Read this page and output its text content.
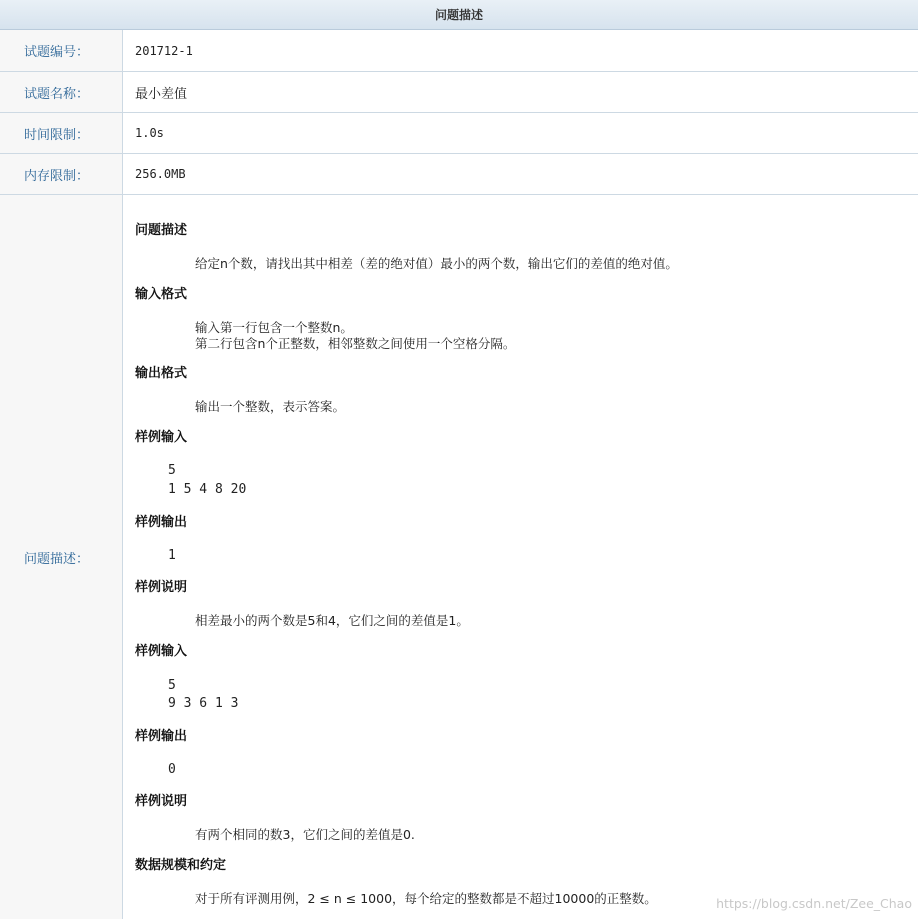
问题描述
试题编号：	201712-1
试题名称：	最小差值
时间限制：	1.0s
内存限制：	256.0MB
问题描述：
问题描述
给定n个数，请找出其中相差（差的绝对值）最小的两个数，输出它们的差值的绝对值。
输入格式
输入第一行包含一个整数n。
第二行包含n个正整数，相邻整数之间使用一个空格分隔。
输出格式
输出一个整数，表示答案。
样例输入
5
1 5 4 8 20
样例输出
1
样例说明
相差最小的两个数是5和4，它们之间的差值是1。
样例输入
5
9 3 6 1 3
样例输出
0
样例说明
有两个相同的数3，它们之间的差值是0.
数据规模和约定
对于所有评测用例，2 ≤ n ≤ 1000，每个给定的整数都是不超过10000的正整数。	https://blog.csdn.net/Zee_Chao
